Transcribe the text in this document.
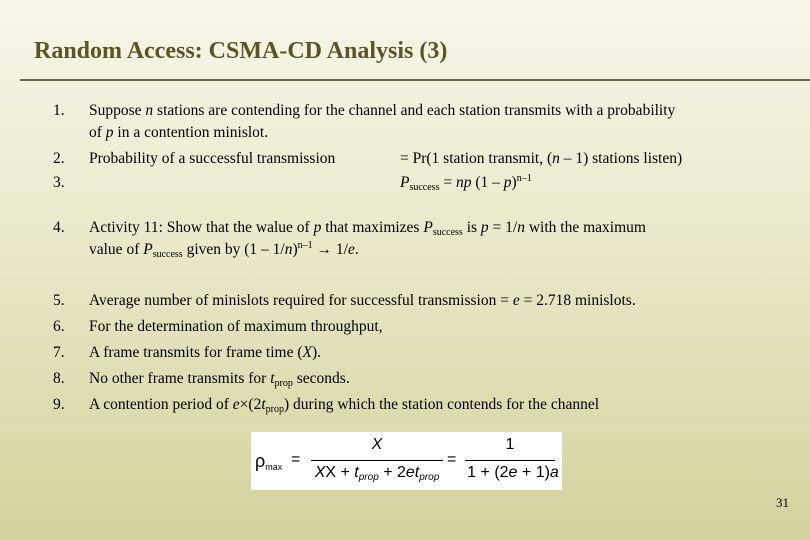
Random Access: CSMA-CD Analysis (3)
1.	Suppose n stations are contending for the channel and each station transmits with a probability
of p in a contention minislot.
2.	Probability of a successful transmission	= Pr(1 station transmit, (n – 1) stations listen)
3.	$P_{success}$ = np (1 – p)$^{n-1}$
4.	Activity 11: Show that the walue of p that maximizes $P_{success}$ is p = 1/n with the maximum
value of $P_{success}$ given by (1 – 1/n)$^{n-1}$ → 1/e.
5.	Average number of minislots required for successful transmission = e = 2.718 minislots.
6.	For the determination of maximum throughput,
7.	A frame transmits for frame time (X).
8.	No other frame transmits for $t_{prop}$ seconds.
9.	A contention period of $e\times(2t_{prop})$ during which the station contends for the channel
$\rho_{max}$ =
X
XX + $t_{prop} + 2et_{prop}$
=
1
1 + (2e + 1)a
31
